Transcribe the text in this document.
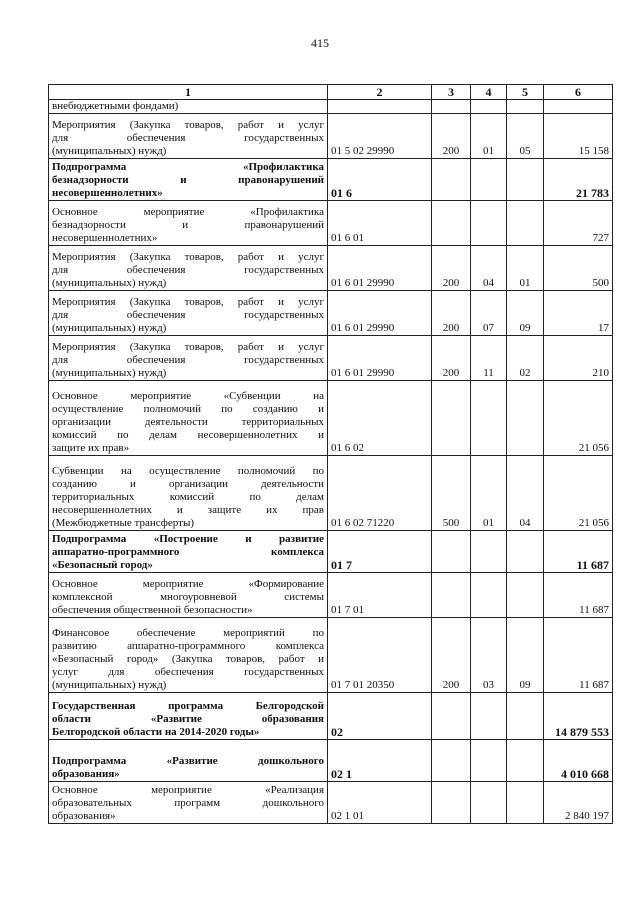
415
1	2	3	4	5	6

внебюджетными фондами)					

Мероприятия (Закупка товаров, работ и услуг
для обеспечения государственных
(муниципальных) нужд)	01 5 02 29990	200	01	05	15 158

Подпрограмма «Профилактика
безнадзорности и правонарушений
несовершеннолетних»	01 6				21 783

Основное мероприятие «Профилактика
безнадзорности и правонарушений
несовершеннолетних»	01 6 01				727

Мероприятия (Закупка товаров, работ и услуг
для обеспечения государственных
(муниципальных) нужд)	01 6 01 29990	200	04	01	500

Мероприятия (Закупка товаров, работ и услуг
для обеспечения государственных
(муниципальных) нужд)	01 6 01 29990	200	07	09	17

Мероприятия (Закупка товаров, работ и услуг
для обеспечения государственных
(муниципальных) нужд)	01 6 01 29990	200	11	02	210

Основное мероприятие «Субвенции на
осуществление полномочий по созданию и
организации деятельности территориальных
комиссий по делам несовершеннолетних и
защите их прав»	01 6 02				21 056

Субвенции на осуществление полномочий по
созданию и организации деятельности
территориальных комиссий по делам
несовершеннолетних и защите их прав
(Межбюджетные трансферты)	01 6 02 71220	500	01	04	21 056

Подпрограмма «Построение и развитие
аппаратно-программного комплекса
«Безопасный город»	01 7				11 687

Основное мероприятие «Формирование
комплексной многоуровневой системы
обеспечения общественной безопасности»	01 7 01				11 687

Финансовое обеспечение мероприятий по
развитию аппаратно-программного комплекса
«Безопасный город» (Закупка товаров, работ и
услуг для обеспечения государственных
(муниципальных) нужд)	01 7 01 20350	200	03	09	11 687

Государственная программа Белгородской
области «Развитие образования
Белгородской области на 2014-2020 годы»	02				14 879 553

Подпрограмма «Развитие дошкольного
образования»	02 1				4 010 668

Основное мероприятие «Реализация
образовательных программ дошкольного
образования»	02 1 01				2 840 197
